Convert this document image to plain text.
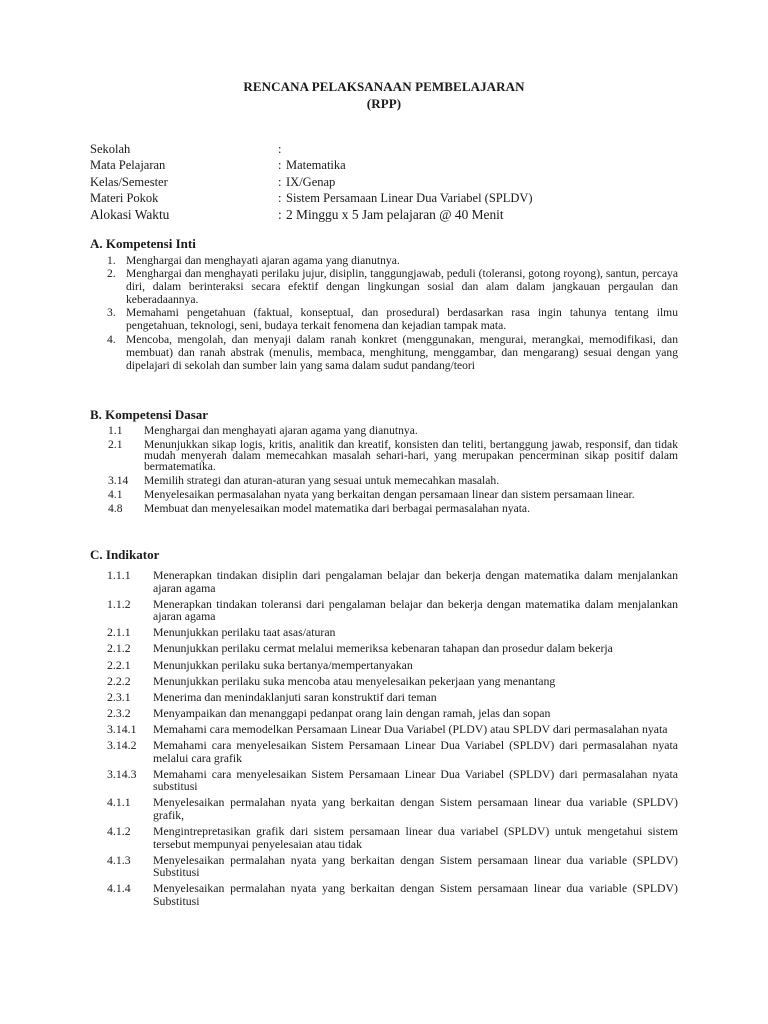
RENCANA PELAKSANAAN PEMBELAJARAN
(RPP)
Sekolah	:
Mata Pelajaran	: Matematika
Kelas/Semester	: IX/Genap
Materi Pokok	: Sistem Persamaan Linear Dua Variabel (SPLDV)
Alokasi Waktu	: 2 Minggu x 5 Jam pelajaran @ 40 Menit
A. Kompetensi Inti
1. Menghargai dan menghayati ajaran agama yang dianutnya.
2. Menghargai dan menghayati perilaku jujur, disiplin, tanggungjawab, peduli (toleransi, gotong royong), santun, percaya diri, dalam berinteraksi secara efektif dengan lingkungan sosial dan alam dalam jangkauan pergaulan dan keberadaannya.
3. Memahami pengetahuan (faktual, konseptual, dan prosedural) berdasarkan rasa ingin tahunya tentang ilmu pengetahuan, teknologi, seni, budaya terkait fenomena dan kejadian tampak mata.
4. Mencoba, mengolah, dan menyaji dalam ranah konkret (menggunakan, mengurai, merangkai, memodifikasi, dan membuat) dan ranah abstrak (menulis, membaca, menghitung, menggambar, dan mengarang) sesuai dengan yang dipelajari di sekolah dan sumber lain yang sama dalam sudut pandang/teori
B. Kompetensi Dasar
1.1	Menghargai dan menghayati ajaran agama yang dianutnya.
2.1	Menunjukkan sikap logis, kritis, analitik dan kreatif, konsisten dan teliti, bertanggung jawab, responsif, dan tidak mudah menyerah dalam memecahkan masalah sehari-hari, yang merupakan pencerminan sikap positif dalam bermatematika.
3.14	Memilih strategi dan aturan-aturan yang sesuai untuk memecahkan masalah.
4.1	Menyelesaikan permasalahan nyata yang berkaitan dengan persamaan linear dan sistem persamaan linear.
4.8	Membuat dan menyelesaikan model matematika dari berbagai permasalahan nyata.
C. Indikator
1.1.1	Menerapkan tindakan disiplin dari pengalaman belajar dan bekerja dengan matematika dalam menjalankan ajaran agama
1.1.2	Menerapkan tindakan toleransi dari pengalaman belajar dan bekerja dengan matematika dalam menjalankan ajaran agama
2.1.1	Menunjukkan perilaku taat asas/aturan
2.1.2	Menunjukkan perilaku cermat melalui memeriksa kebenaran tahapan dan prosedur dalam bekerja
2.2.1	Menunjukkan perilaku suka bertanya/mempertanyakan
2.2.2	Menunjukkan perilaku suka mencoba atau menyelesaikan pekerjaan yang menantang
2.3.1	Menerima dan menindaklanjuti saran konstruktif dari teman
2.3.2	Menyampaikan dan menanggapi pedanpat orang lain dengan ramah, jelas dan sopan
3.14.1	Memahami cara memodelkan Persamaan Linear Dua Variabel (PLDV) atau SPLDV dari permasalahan nyata
3.14.2	Memahami cara menyelesaikan Sistem Persamaan Linear Dua Variabel (SPLDV) dari permasalahan nyata melalui cara grafik
3.14.3	Memahami cara menyelesaikan Sistem Persamaan Linear Dua Variabel (SPLDV) dari permasalahan nyata substitusi
4.1.1	Menyelesaikan permalahan nyata yang berkaitan dengan Sistem persamaan linear dua variable (SPLDV) grafik,
4.1.2	Mengintrepretasikan grafik dari sistem persamaan linear dua variabel (SPLDV) untuk mengetahui sistem tersebut mempunyai penyelesaian atau tidak
4.1.3	Menyelesaikan permalahan nyata yang berkaitan dengan Sistem persamaan linear dua variable (SPLDV) Substitusi
4.1.4	Menyelesaikan permalahan nyata yang berkaitan dengan Sistem persamaan linear dua variable (SPLDV) Substitusi
